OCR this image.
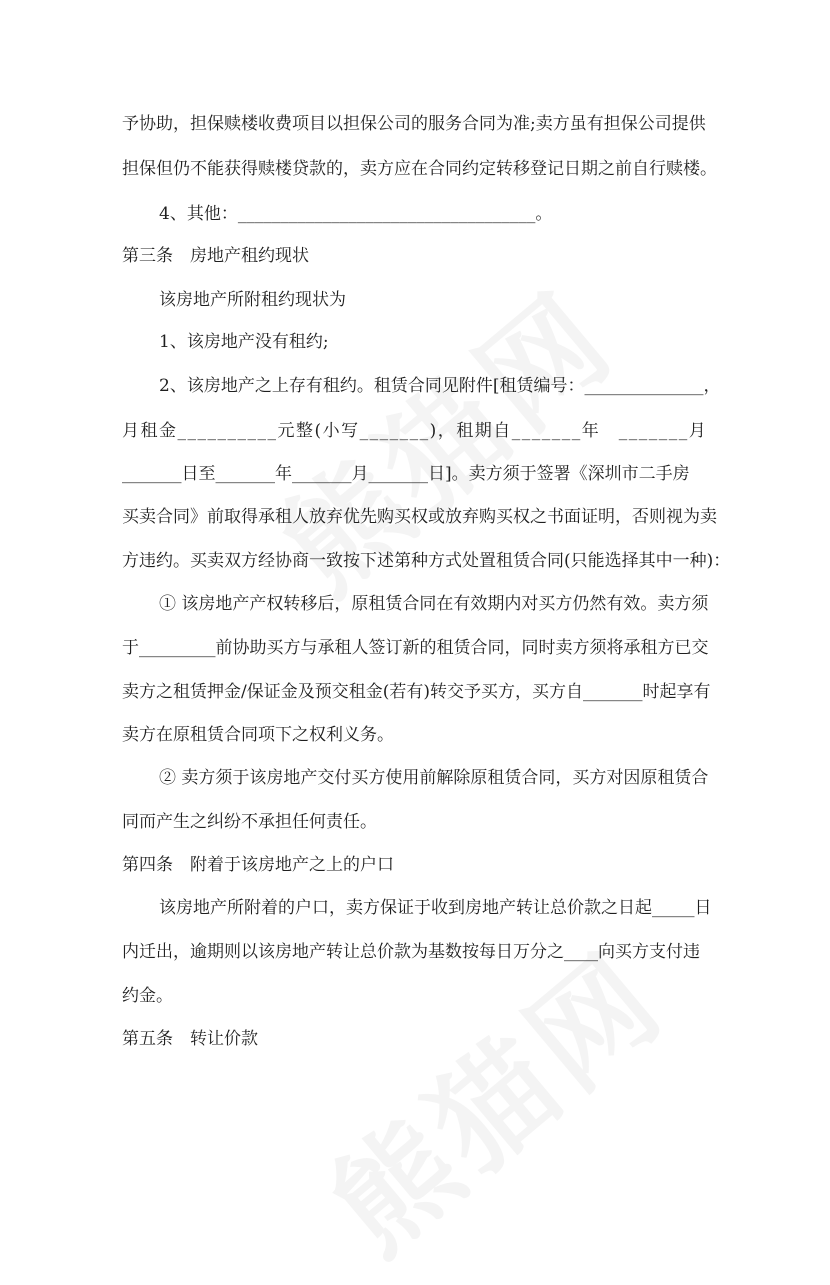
予协助，担保赎楼收费项目以担保公司的服务合同为准;卖方虽有担保公司提供
担保但仍不能获得赎楼贷款的，卖方应在合同约定转移登记日期之前自行赎楼。
4、其他：___________________________________。
第三条　房地产租约现状
该房地产所附租约现状为
1、该房地产没有租约;
2、该房地产之上存有租约。租赁合同见附件[租赁编号：______________，
月租金__________元整(小写_______)，租期自_______年　_______月
_______日至_______年_______月_______日]。卖方须于签署《深圳市二手房
买卖合同》前取得承租人放弃优先购买权或放弃购买权之书面证明，否则视为卖
方违约。买卖双方经协商一致按下述第种方式处置租赁合同(只能选择其中一种)：
① 该房地产产权转移后，原租赁合同在有效期内对买方仍然有效。卖方须
于_________前协助买方与承租人签订新的租赁合同，同时卖方须将承租方已交
卖方之租赁押金/保证金及预交租金(若有)转交予买方，买方自_______时起享有
卖方在原租赁合同项下之权利义务。
② 卖方须于该房地产交付买方使用前解除原租赁合同，买方对因原租赁合
同而产生之纠纷不承担任何责任。
第四条　附着于该房地产之上的户口
该房地产所附着的户口，卖方保证于收到房地产转让总价款之日起_____日
内迁出，逾期则以该房地产转让总价款为基数按每日万分之____向买方支付违
约金。
第五条　转让价款
